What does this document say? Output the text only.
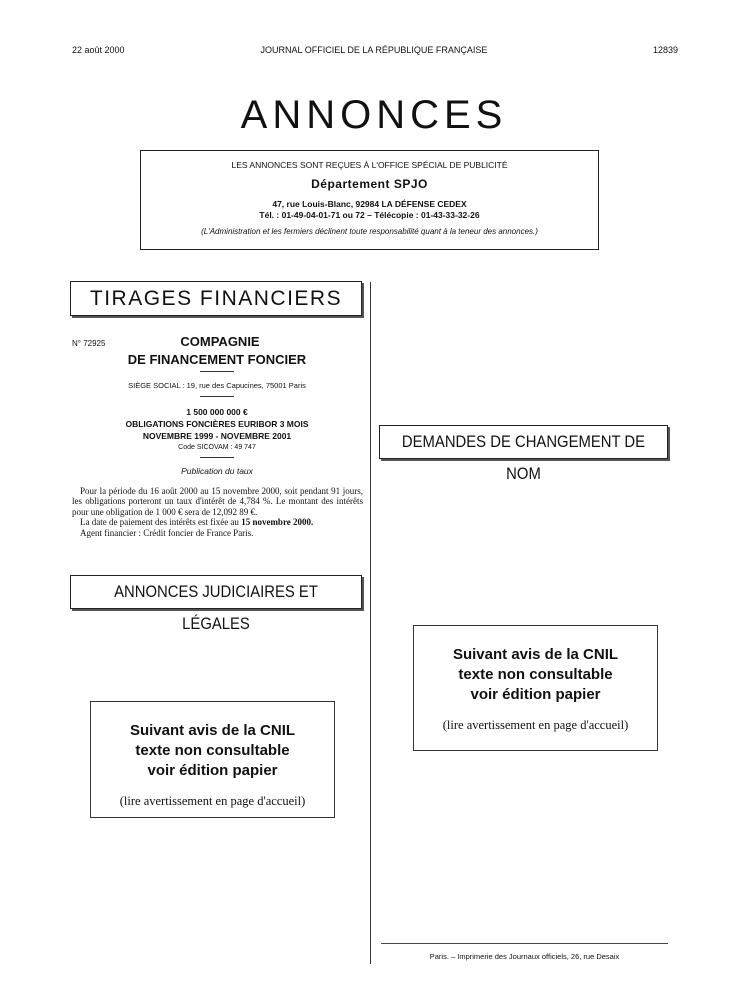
22 août 2000	JOURNAL OFFICIEL DE LA RÉPUBLIQUE FRANÇAISE	12839
ANNONCES
LES ANNONCES SONT REÇUES À L'OFFICE SPÉCIAL DE PUBLICITÉ
Département SPJO
47, rue Louis-Blanc, 92984 LA DÉFENSE CEDEX
Tél. : 01-49-04-01-71 ou 72 – Télécopie : 01-43-33-32-26
(L'Administration et les fermiers déclinent toute responsabilité quant à la teneur des annonces.)
TIRAGES FINANCIERS
N° 72925	COMPAGNIE
DE FINANCEMENT FONCIER
SIÈGE SOCIAL : 19, rue des Capucines, 75001 Paris
1 500 000 000 €
OBLIGATIONS FONCIÈRES EURIBOR 3 MOIS
NOVEMBRE 1999 - NOVEMBRE 2001
Code SICOVAM : 49 747
Publication du taux

Pour la période du 16 août 2000 au 15 novembre 2000, soit pendant 91 jours, les obligations porteront un taux d'intérêt de 4,784 %. Le montant des intérêts pour une obligation de 1 000 € sera de 12,092 89 €.

La date de paiement des intérêts est fixée au 15 novembre 2000.

Agent financier : Crédit foncier de France Paris.

ANNONCES JUDICIAIRES ET LÉGALES
DEMANDES DE CHANGEMENT DE NOM
Suivant avis de la CNIL
texte non consultable
voir édition papier
(lire avertissement en page d'accueil)
Suivant avis de la CNIL
texte non consultable
voir édition papier
(lire avertissement en page d'accueil)
Paris. – Imprimerie des Journaux officiels, 26, rue Desaix
